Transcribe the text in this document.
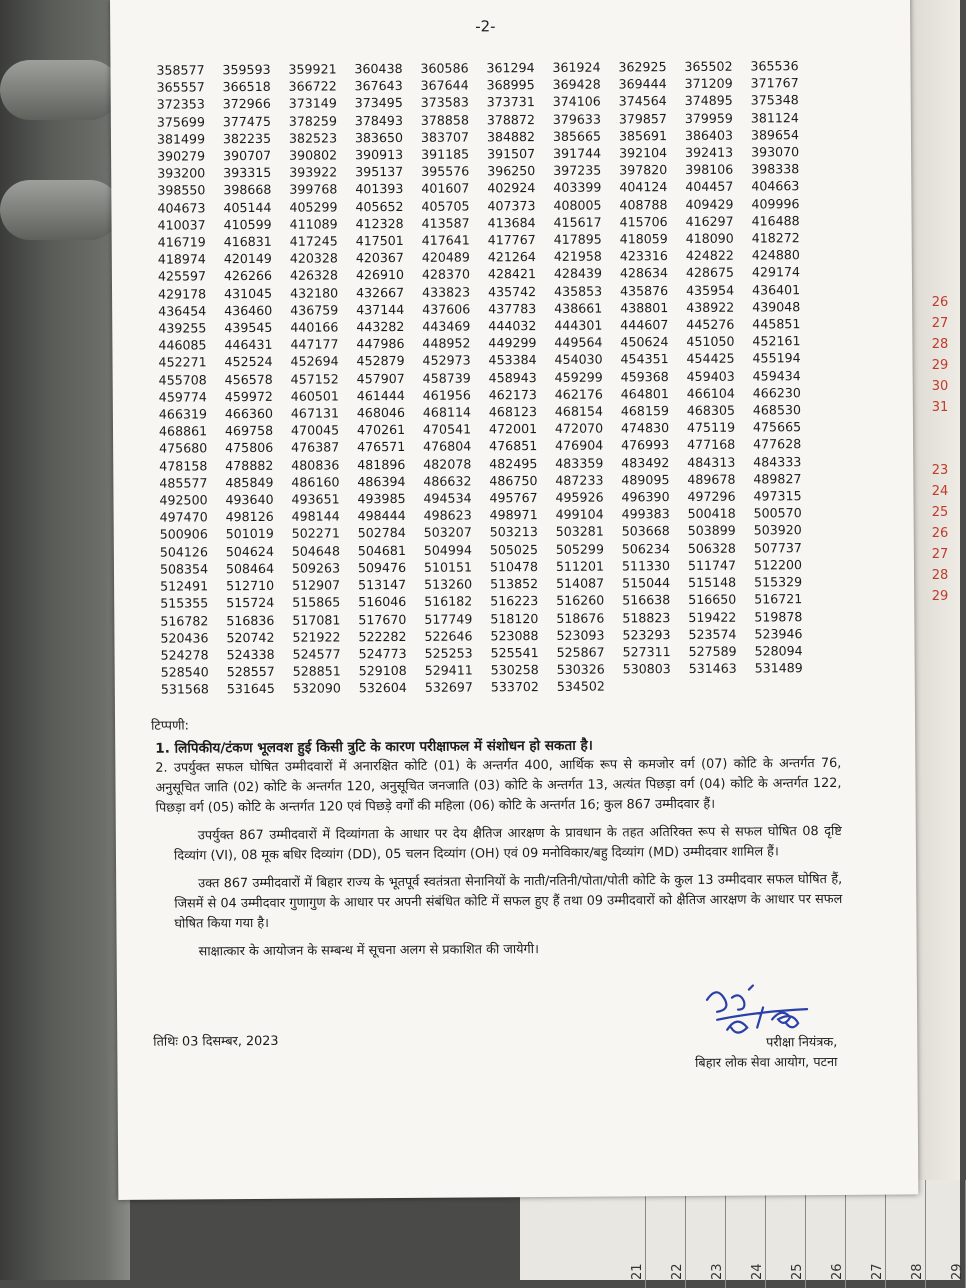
26
27
28
29
30
31
23
24
25
26
27
28
29
21 22 23 24 25 26 27 28 29
-2-
358577	359593	359921	360438	360586	361294	361924	362925	365502	365536
365557	366518	366722	367643	367644	368995	369428	369444	371209	371767
372353	372966	373149	373495	373583	373731	374106	374564	374895	375348
375699	377475	378259	378493	378858	378872	379633	379857	379959	381124
381499	382235	382523	383650	383707	384882	385665	385691	386403	389654
390279	390707	390802	390913	391185	391507	391744	392104	392413	393070
393200	393315	393922	395137	395576	396250	397235	397820	398106	398338
398550	398668	399768	401393	401607	402924	403399	404124	404457	404663
404673	405144	405299	405652	405705	407373	408005	408788	409429	409996
410037	410599	411089	412328	413587	413684	415617	415706	416297	416488
416719	416831	417245	417501	417641	417767	417895	418059	418090	418272
418974	420149	420328	420367	420489	421264	421958	423316	424822	424880
425597	426266	426328	426910	428370	428421	428439	428634	428675	429174
429178	431045	432180	432667	433823	435742	435853	435876	435954	436401
436454	436460	436759	437144	437606	437783	438661	438801	438922	439048
439255	439545	440166	443282	443469	444032	444301	444607	445276	445851
446085	446431	447177	447986	448952	449299	449564	450624	451050	452161
452271	452524	452694	452879	452973	453384	454030	454351	454425	455194
455708	456578	457152	457907	458739	458943	459299	459368	459403	459434
459774	459972	460501	461444	461956	462173	462176	464801	466104	466230
466319	466360	467131	468046	468114	468123	468154	468159	468305	468530
468861	469758	470045	470261	470541	472001	472070	474830	475119	475665
475680	475806	476387	476571	476804	476851	476904	476993	477168	477628
478158	478882	480836	481896	482078	482495	483359	483492	484313	484333
485577	485849	486160	486394	486632	486750	487233	489095	489678	489827
492500	493640	493651	493985	494534	495767	495926	496390	497296	497315
497470	498126	498144	498444	498623	498971	499104	499383	500418	500570
500906	501019	502271	502784	503207	503213	503281	503668	503899	503920
504126	504624	504648	504681	504994	505025	505299	506234	506328	507737
508354	508464	509263	509476	510151	510478	511201	511330	511747	512200
512491	512710	512907	513147	513260	513852	514087	515044	515148	515329
515355	515724	515865	516046	516182	516223	516260	516638	516650	516721
516782	516836	517081	517670	517749	518120	518676	518823	519422	519878
520436	520742	521922	522282	522646	523088	523093	523293	523574	523946
524278	524338	524577	524773	525253	525541	525867	527311	527589	528094
528540	528557	528851	529108	529411	530258	530326	530803	531463	531489
531568	531645	532090	532604	532697	533702	534502
टिप्पणी:
1. लिपिकीय/टंकण भूलवश हुई किसी त्रुटि के कारण परीक्षाफल में संशोधन हो सकता है।
2. उपर्युक्त सफल घोषित उम्मीदवारों में अनारक्षित कोटि (01) के अन्तर्गत 400, आर्थिक रूप से कमजोर वर्ग (07) कोटि के अन्तर्गत 76, अनुसूचित जाति (02) कोटि के अन्तर्गत 120, अनुसूचित जनजाति (03) कोटि के अन्तर्गत 13, अत्यंत पिछड़ा वर्ग (04) कोटि के अन्तर्गत 122, पिछड़ा वर्ग (05) कोटि के अन्तर्गत 120 एवं पिछड़े वर्गों की महिला (06) कोटि के अन्तर्गत 16; कुल 867 उम्मीदवार हैं।
उपर्युक्त 867 उम्मीदवारों में दिव्यांगता के आधार पर देय क्षैतिज आरक्षण के प्रावधान के तहत अतिरिक्त रूप से सफल घोषित 08 दृष्टि दिव्यांग (VI), 08 मूक बधिर दिव्यांग (DD), 05 चलन दिव्यांग (OH) एवं 09 मनोविकार/बहु दिव्यांग (MD) उम्मीदवार शामिल हैं।
उक्त 867 उम्मीदवारों में बिहार राज्य के भूतपूर्व स्वतंत्रता सेनानियों के नाती/नतिनी/पोता/पोती कोटि के कुल 13 उम्मीदवार सफल घोषित हैं, जिसमें से 04 उम्मीदवार गुणागुण के आधार पर अपनी संबंधित कोटि में सफल हुए हैं तथा 09 उम्मीदवारों को क्षैतिज आरक्षण के आधार पर सफल घोषित किया गया है।
साक्षात्कार के आयोजन के सम्बन्ध में सूचना अलग से प्रकाशित की जायेगी।
तिथिः 03 दिसम्बर, 2023	परीक्षा नियंत्रक,
बिहार लोक सेवा आयोग, पटना
